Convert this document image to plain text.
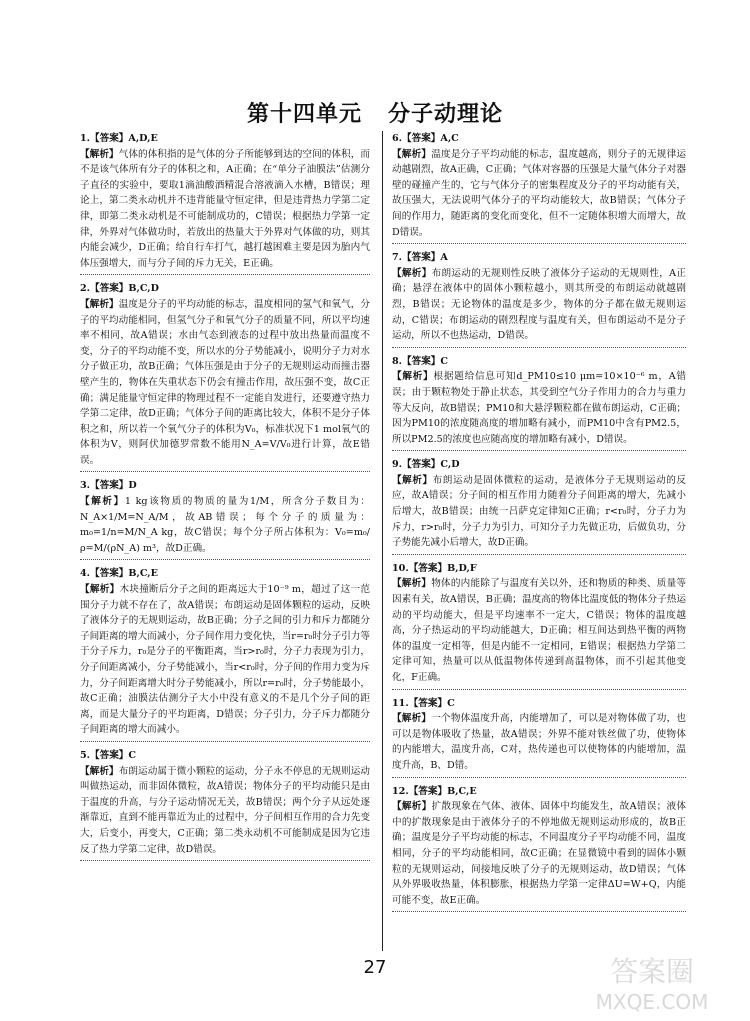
第十四单元 分子动理论
1.【答案】A,D,E
【解析】气体的体积指的是气体的分子所能够到达的空间的体积，而不是该气体所有分子的体积之和，A正确；在“单分子油膜法”估测分子直径的实验中，要取1滴油酸酒精混合溶液滴入水槽，B错误；理论上，第二类永动机并不违背能量守恒定律，但是违背热力学第二定律，即第二类永动机是不可能制成功的，C错误；根据热力学第一定律，外界对气体做功时，若放出的热量大于外界对气体做的功，则其内能会减少，D正确；给自行车打气，越打越困难主要是因为胎内气体压强增大，而与分子间的斥力无关，E正确。
2.【答案】B,C,D
【解析】温度是分子的平均动能的标志，温度相同的氢气和氧气，分子的平均动能相同，但氢气分子和氧气分子的质量不同，所以平均速率不相同，故A错误；水由气态到液态的过程中放出热量而温度不变，分子的平均动能不变，所以水的分子势能减小，说明分子力对水分子做正功，故B正确；气体压强是由于分子的无规则运动而撞击器壁产生的，物体在失重状态下仍会有撞击作用，故压强不变，故C正确；满足能量守恒定律的物理过程不一定能自发进行，还要遵守热力学第二定律，故D正确；气体分子间的距离比较大，体积不是分子体积之和，所以若一个氧气分子的体积为V₀，标准状况下1 mol氧气的体积为V，则阿伏加德罗常数不能用N_A=V/V₀进行计算，故E错误。
3.【答案】D
【解析】1 kg该物质的物质的量为1/M，所含分子数目为：N_A×1/M=N_A/M，故AB错误；每个分子的质量为：m₀=1/n=M/N_A kg，故C错误；每个分子所占体积为：V₀=m₀/ρ=M/(ρN_A) m³，故D正确。
4.【答案】B,C,E
【解析】木块撞断后分子之间的距离远大于10⁻⁹ m，超过了这一范围分子力就不存在了，故A错误；布朗运动是固体颗粒的运动，反映了液体分子的无规则运动，故B正确；分子之间的引力和斥力都随分子间距离的增大而减小，分子间作用力变化快，当r=r₀时分子引力等于分子斥力，r₀是分子的平衡距离，当r>r₀时，分子力表现为引力，分子间距离减小，分子势能减小，当r<r₀时，分子间的作用力变为斥力，分子间距离增大时分子势能减小，所以r=r₀时，分子势能最小，故C正确；油膜法估测分子大小中没有意义的不是几个分子间的距离，而是大量分子的平均距离，D错误；分子引力，分子斥力都随分子间距离的增大而减小。
5.【答案】C
【解析】布朗运动属于微小颗粒的运动，分子永不停息的无规则运动叫做热运动，而非固体微粒，故A错误；物体分子的平均动能只是由于温度的升高，与分子运动情况无关，故B错误；两个分子从远处逐渐靠近，直到不能再靠近为止的过程中，分子间相互作用的合力先变大，后变小，再变大，C正确；第二类永动机不可能制成是因为它违反了热力学第二定律，故D错误。
6.【答案】A,C
【解析】温度是分子平均动能的标志，温度越高，则分子的无规律运动越剧烈，故A正确，C正确；气体对容器的压强是大量气体分子对器壁的碰撞产生的，它与气体分子的密集程度及分子的平均动能有关，故压强大，无法说明气体分子的平均动能较大，故B错误；气体分子间的作用力，随距离的变化而变化，但不一定随体积增大而增大，故D错误。
7.【答案】A
【解析】布朗运动的无规则性反映了液体分子运动的无规则性，A正确；悬浮在液体中的固体小颗粒越小，则其所受的布朗运动就越剧烈，B错误；无论物体的温度是多少，物体的分子都在做无规则运动，C错误；布朗运动的剧烈程度与温度有关，但布朗运动不是分子运动，所以不也热运动，D错误。
8.【答案】C
【解析】根据题给信息可知d_PM10≤10 μm=10×10⁻⁶ m，A错误；由于颗粒物处于静止状态，其受到空气分子作用力的合力与重力等大反向，故B错误；PM10和大悬浮颗粒都在做布朗运动，C正确；因为PM10的浓度随高度的增加略有减小，而PM10中含有PM2.5，所以PM2.5的浓度也应随高度的增加略有减小，D错误。
9.【答案】C,D
【解析】布朗运动是固体微粒的运动，是液体分子无规则运动的反应，故A错误；分子间的相互作用力随着分子间距离的增大，先减小后增大，故B错误；由统一吕萨克定律知C正确；r<r₀时，分子力为斥力，r>r₀时，分子力为引力，可知分子力先做正功，后做负功，分子势能先减小后增大，故D正确。
10.【答案】B,D,F
【解析】物体的内能除了与温度有关以外，还和物质的种类、质量等因素有关，故A错误，B正确；温度高的物体比温度低的物体分子热运动的平均动能大，但是平均速率不一定大，C错误；物体的温度越高，分子热运动的平均动能越大，D正确；相互间达到热平衡的两物体的温度一定相等，但是内能不一定相同，E错误；根据热力学第二定律可知，热量可以从低温物体传递到高温物体，而不引起其他变化，F正确。
11.【答案】C
【解析】一个物体温度升高，内能增加了，可以是对物体做了功，也可以是物体吸收了热量，故A错误；外界不能对铁丝做了功，使物体的内能增大，温度升高，C对，热传递也可以使物体的内能增加，温度升高，B、D错。
12.【答案】B,C,E
【解析】扩散现象在气体、液体、固体中均能发生，故A错误；液体中的扩散现象是由于液体分子的不停地做无规则运动形成的，故B正确；温度是分子平均动能的标志，不同温度分子平均动能不同，温度相同，分子的平均动能相同，故C正确；在显微镜中看到的固体小颗粒的无规则运动，间接地反映了分子的无规则运动，故D错误；气体从外界吸收热量，体积膨胀，根据热力学第一定律ΔU=W+Q，内能可能不变，故E正确。
27	答案圈
MXQE.COM
